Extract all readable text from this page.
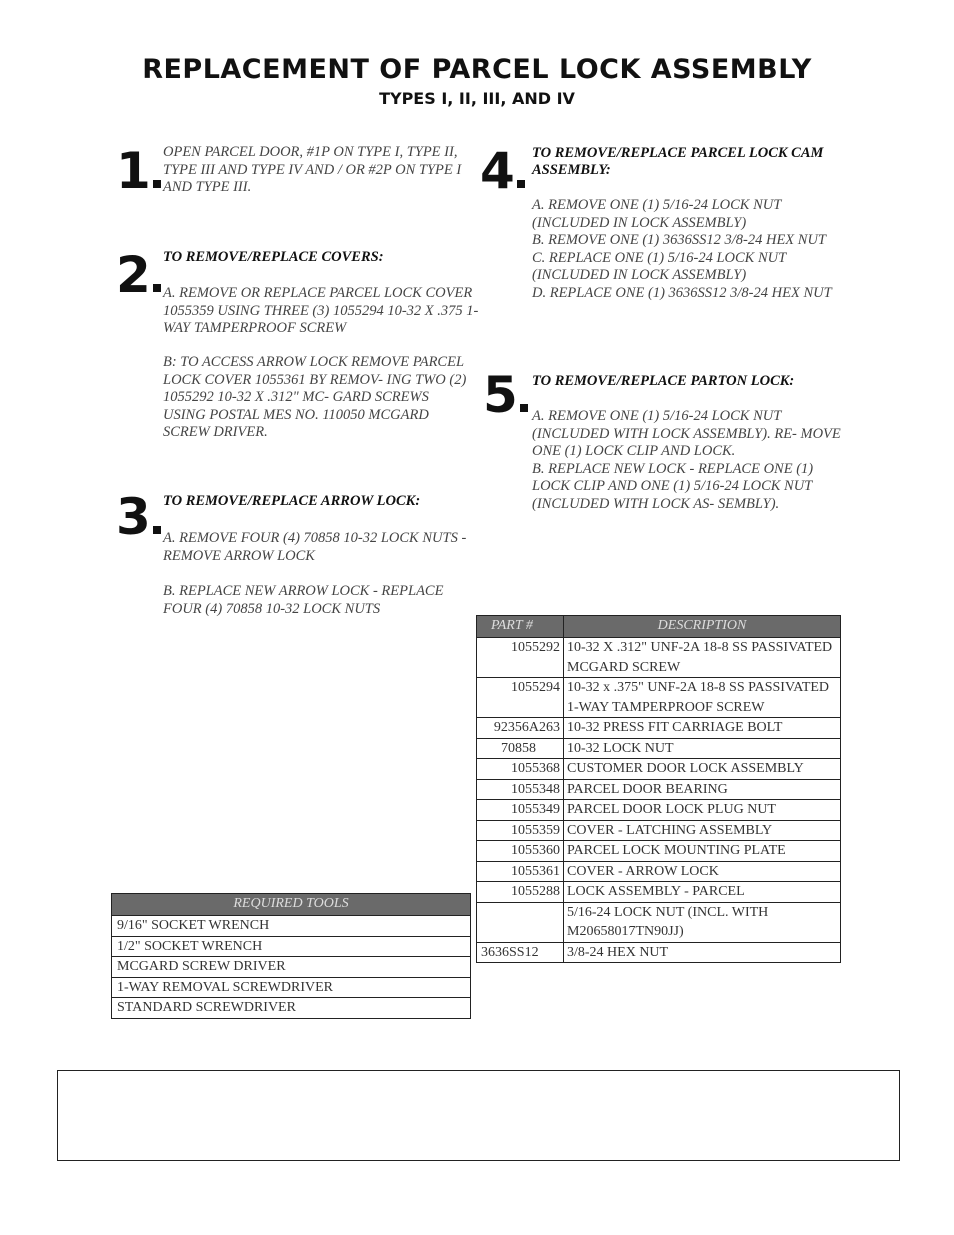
REPLACEMENT OF PARCEL LOCK ASSEMBLY
TYPES I, II, III, AND IV
1 OPEN PARCEL DOOR, #1P ON TYPE I, TYPE II, TYPE III AND TYPE IV AND / OR #2P ON TYPE I AND TYPE III.
2 TO REMOVE/REPLACE COVERS:
A. REMOVE OR REPLACE PARCEL LOCK COVER 1055359 USING THREE (3) 1055294 10-32 X .375 1-WAY TAMPERPROOF SCREW
B: TO ACCESS ARROW LOCK REMOVE PARCEL LOCK COVER 1055361 BY REMOV- ING TWO (2) 1055292 10-32 X .312" MC- GARD SCREWS USING POSTAL MES NO. 110050 MCGARD SCREW DRIVER.
3 TO REMOVE/REPLACE ARROW LOCK:
A. REMOVE FOUR (4) 70858 10-32 LOCK NUTS - REMOVE ARROW LOCK
B. REPLACE NEW ARROW LOCK - REPLACE FOUR (4) 70858 10-32 LOCK NUTS
4	TO REMOVE/REPLACE PARCEL LOCK CAM ASSEMBLY:
A. REMOVE ONE (1) 5/16-24 LOCK NUT (INCLUDED IN LOCK ASSEMBLY)
B. REMOVE ONE (1) 3636SS12 3/8-24 HEX NUT
C. REPLACE ONE (1) 5/16-24 LOCK NUT (INCLUDED IN LOCK ASSEMBLY)
D. REPLACE ONE (1) 3636SS12 3/8-24 HEX NUT
5 TO REMOVE/REPLACE PARTON LOCK:
A. REMOVE ONE (1) 5/16-24 LOCK NUT (INCLUDED WITH LOCK ASSEMBLY). RE- MOVE ONE (1) LOCK CLIP AND LOCK.
B. REPLACE NEW LOCK - REPLACE ONE (1) LOCK CLIP AND ONE (1) 5/16-24 LOCK NUT (INCLUDED WITH LOCK AS- SEMBLY).
PART #	DESCRIPTION
1055292	10-32 X .312" UNF-2A 18-8 SS PASSIVATED MCGARD SCREW
1055294	10-32 x .375" UNF-2A 18-8 SS PASSIVATED 1-WAY TAMPERPROOF SCREW
92356A263	10-32 PRESS FIT CARRIAGE BOLT
70858	10-32 LOCK NUT
1055368	CUSTOMER DOOR LOCK ASSEMBLY
1055348	PARCEL DOOR BEARING
1055349	PARCEL DOOR LOCK PLUG NUT
1055359	COVER - LATCHING ASSEMBLY
1055360	PARCEL LOCK MOUNTING PLATE
1055361	COVER - ARROW LOCK
1055288	LOCK ASSEMBLY - PARCEL
	5/16-24 LOCK NUT (INCL. WITH M20658017TN90JJ)
3636SS12	3/8-24 HEX NUT
REQUIRED TOOLS
9/16" SOCKET WRENCH
1/2" SOCKET WRENCH
MCGARD SCREW DRIVER
1-WAY REMOVAL SCREWDRIVER
STANDARD SCREWDRIVER
